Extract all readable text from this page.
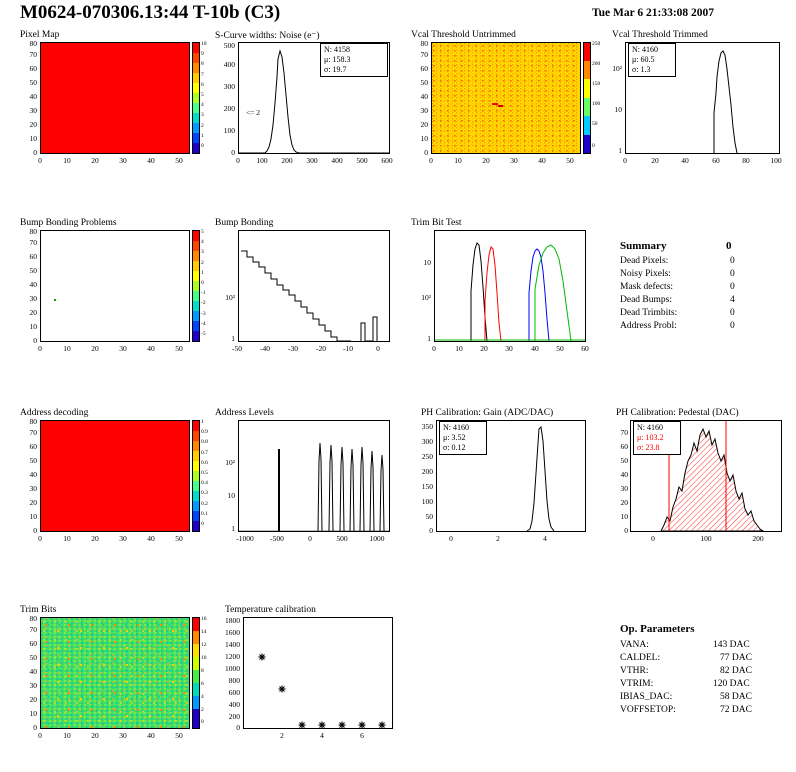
M0624-070306.13:44 T-10b (C3)	Tue Mar 6 21:33:08 2007
Pixel Map
10
9
8
7
6
5
4
3
2
1
0
0
10
20
30
40
50
60
70
80
0	10	20	30	40	50
S-Curve widths: Noise (e⁻)
N: 4158
μ: 158.3
σ: 19.7
<= 2
0
100
200
300
400
500
0	100 200 300 400 500 600
Vcal Threshold Untrimmed
250
200
150
100
50
0
0
10
20
30
40
50
60
70
80
0	10	20	30	40	50
Vcal Threshold Trimmed
N: 4160
μ: 60.5
σ: 1.3
1
10
10²
0	20	40	60	80	100
Bump Bonding Problems
5
4
3
2
1
0
-1
-2
-3
-4
-5
0
10
20
30
40
50
60
70
80
0	10	20	30	40	50
Bump Bonding
1
10²
-50	-40	-30	-20	-10	0
Trim Bit Test
1
10²
10
0	10	20	30	40	50	60
Summary	0
Dead Pixels:	0
Noisy Pixels:	0
Mask defects:	0
Dead Bumps:	4
Dead Trimbits:	0
Address Probl:	0
Address decoding
1
0.9
0.8
0.7
0.6
0.5
0.4
0.3
0.2
0.1
0
0
10
20
30
40
50
60
70
80
0	10	20	30	40	50
Address Levels
1
10
10²
-1000	-500	0	500	1000
PH Calibration: Gain (ADC/DAC)
N: 4160
μ: 3.52
σ: 0.12
0
50
100
150
200
250
300
350
0	2	4
PH Calibration: Pedestal (DAC)
N: 4160
μ: 103.2
σ: 23.8
0
10
20
30
40
50
60
70
0	100	200
Trim Bits
16
14
12
10
8
6
4
2
0
0
10
20
30
40
50
60
70
80
0	10	20	30	40	50
Temperature calibration
0
200
400
600
800
1000
1200
1400
1600
1800
2	4	6
Op. Parameters
VANA:	143 DAC
CALDEL:	77 DAC
VTHR:	82 DAC
VTRIM:	120 DAC
IBIAS_DAC:	58 DAC
VOFFSETOP:	72 DAC
